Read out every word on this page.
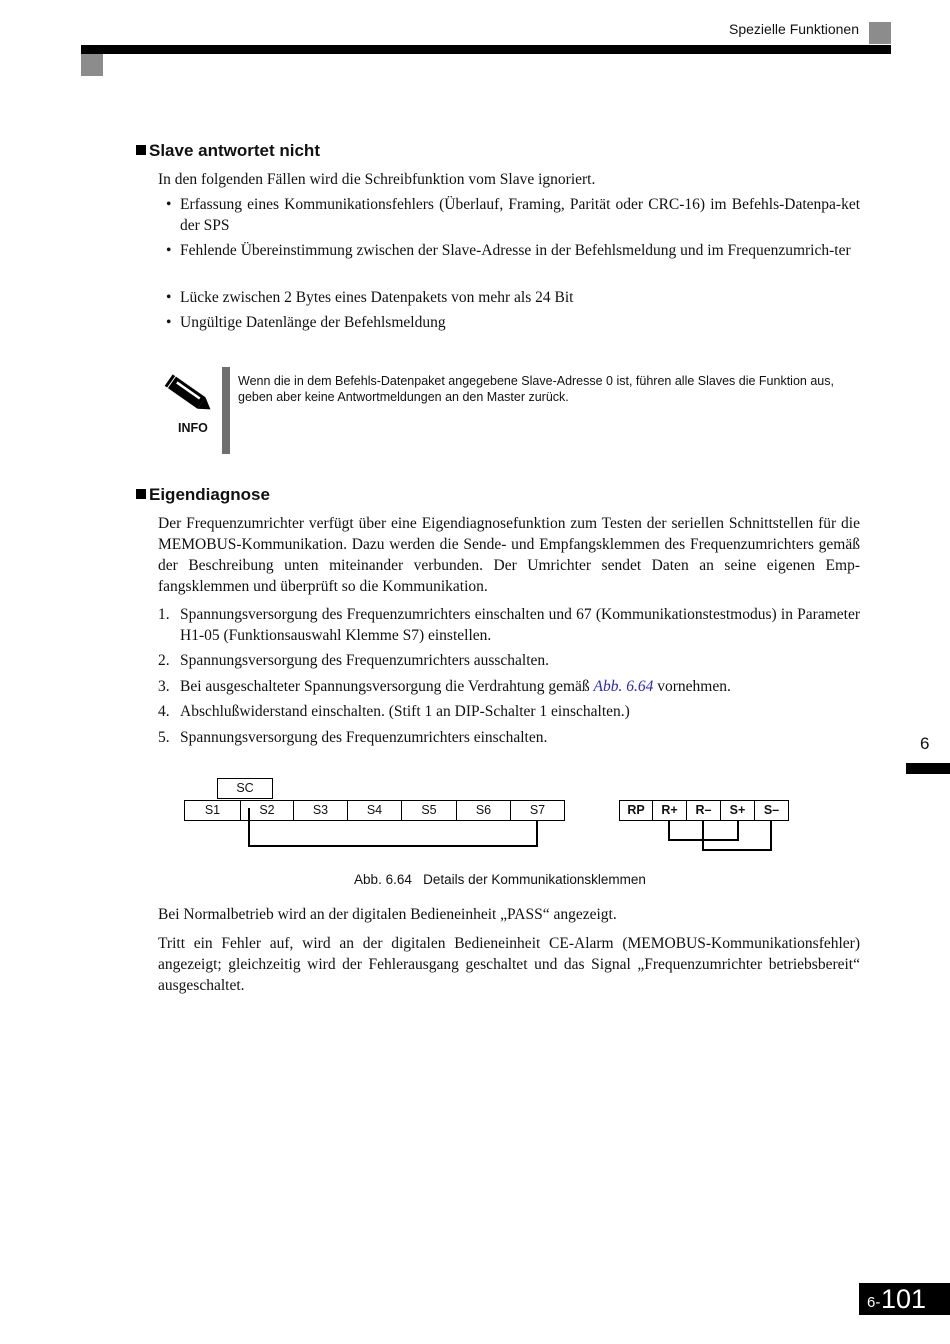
Spezielle Funktionen
Slave antwortet nicht
In den folgenden Fällen wird die Schreibfunktion vom Slave ignoriert.
• Erfassung eines Kommunikationsfehlers (Überlauf, Framing, Parität oder CRC-16) im Befehls-Datenpa-ket der SPS
• Fehlende Übereinstimmung zwischen der Slave-Adresse in der Befehlsmeldung und im Frequenzumrich-ter
• Lücke zwischen 2 Bytes eines Datenpakets von mehr als 24 Bit
• Ungültige Datenlänge der Befehlsmeldung
INFO
Wenn die in dem Befehls-Datenpaket angegebene Slave-Adresse 0 ist, führen alle Slaves die Funktion aus, geben aber keine Antwortmeldungen an den Master zurück.
Eigendiagnose
Der Frequenzumrichter verfügt über eine Eigendiagnosefunktion zum Testen der seriellen Schnittstellen für die MEMOBUS-Kommunikation. Dazu werden die Sende- und Empfangsklemmen des Frequenzumrichters gemäß der Beschreibung unten miteinander verbunden. Der Umrichter sendet Daten an seine eigenen Emp-fangsklemmen und überprüft so die Kommunikation.
1. Spannungsversorgung des Frequenzumrichters einschalten und 67 (Kommunikationstestmodus) in Parameter H1-05 (Funktionsauswahl Klemme S7) einstellen.
2. Spannungsversorgung des Frequenzumrichters ausschalten.
3. Bei ausgeschalteter Spannungsversorgung die Verdrahtung gemäß Abb. 6.64 vornehmen.
4. Abschlußwiderstand einschalten. (Stift 1 an DIP-Schalter 1 einschalten.)
5. Spannungsversorgung des Frequenzumrichters einschalten.
SC
S1	S2	S3	S4	S5	S6	S7	RP	R+	R–	S+	S–
Abb. 6.64   Details der Kommunikationsklemmen
Bei Normalbetrieb wird an der digitalen Bedieneinheit „PASS“ angezeigt.
Tritt ein Fehler auf, wird an der digitalen Bedieneinheit CE-Alarm (MEMOBUS-Kommunikationsfehler) angezeigt; gleichzeitig wird der Fehlerausgang geschaltet und das Signal „Frequenzumrichter betriebsbereit“ ausgeschaltet.
6
6- 101
